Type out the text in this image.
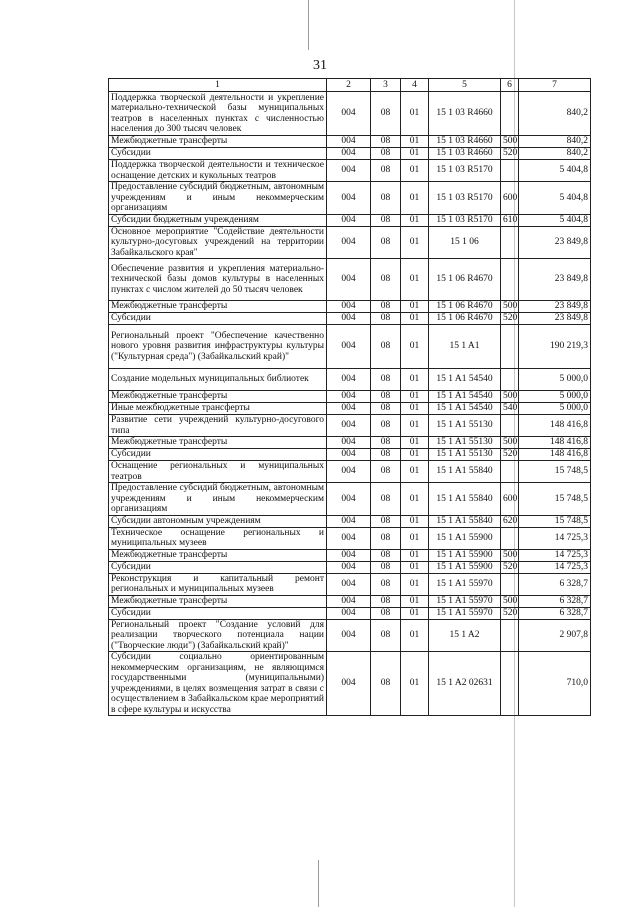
31
1	2	3	4	5	6	7
Поддержка творческой деятельности и укрепление материально-технической базы муниципальных театров в населенных пунктах с численностью населения до 300 тысяч человек	004	08	01	15 1 03 R4660		840,2
Межбюджетные трансферты	004	08	01	15 1 03 R4660	500	840,2
Субсидии	004	08	01	15 1 03 R4660	520	840,2
Поддержка творческой деятельности и техническое оснащение детских и кукольных театров	004	08	01	15 1 03 R5170		5 404,8
Предоставление субсидий бюджетным, автономным учреждениям и иным некоммерческим организациям	004	08	01	15 1 03 R5170	600	5 404,8
Субсидии бюджетным учреждениям	004	08	01	15 1 03 R5170	610	5 404,8
Основное мероприятие "Содействие деятельности культурно-досуговых учреждений на территории Забайкальского края"	004	08	01	15 1 06		23 849,8
Обеспечение развития и укрепления материально-технической базы домов культуры в населенных пунктах с числом жителей до 50 тысяч человек	004	08	01	15 1 06 R4670		23 849,8
Межбюджетные трансферты	004	08	01	15 1 06 R4670	500	23 849,8
Субсидии	004	08	01	15 1 06 R4670	520	23 849,8
Региональный проект "Обеспечение качественно нового уровня развития инфраструктуры культуры ("Культурная среда") (Забайкальский край)"	004	08	01	15 1 A1		190 219,3
Создание модельных муниципальных библиотек	004	08	01	15 1 A1 54540		5 000,0
Межбюджетные трансферты	004	08	01	15 1 A1 54540	500	5 000,0
Иные межбюджетные трансферты	004	08	01	15 1 A1 54540	540	5 000,0
Развитие сети учреждений культурно-досугового типа	004	08	01	15 1 A1 55130		148 416,8
Межбюджетные трансферты	004	08	01	15 1 A1 55130	500	148 416,8
Субсидии	004	08	01	15 1 A1 55130	520	148 416,8
Оснащение региональных и муниципальных театров	004	08	01	15 1 A1 55840		15 748,5
Предоставление субсидий бюджетным, автономным учреждениям и иным некоммерческим организациям	004	08	01	15 1 A1 55840	600	15 748,5
Субсидии автономным учреждениям	004	08	01	15 1 A1 55840	620	15 748,5
Техническое оснащение региональных и муниципальных музеев	004	08	01	15 1 A1 55900		14 725,3
Межбюджетные трансферты	004	08	01	15 1 A1 55900	500	14 725,3
Субсидии	004	08	01	15 1 A1 55900	520	14 725,3
Реконструкция и капитальный ремонт региональных и муниципальных музеев	004	08	01	15 1 A1 55970		6 328,7
Межбюджетные трансферты	004	08	01	15 1 A1 55970	500	6 328,7
Субсидии	004	08	01	15 1 A1 55970	520	6 328,7
Региональный проект "Создание условий для реализации творческого потенциала нации ("Творческие люди") (Забайкальский край)"	004	08	01	15 1 A2		2 907,8
Субсидии социально ориентированным некоммерческим организациям, не являющимся государственными (муниципальными) учреждениями, в целях возмещения затрат в связи с осуществлением в Забайкальском крае мероприятий в сфере культуры и искусства	004	08	01	15 1 A2 02631		710,0
